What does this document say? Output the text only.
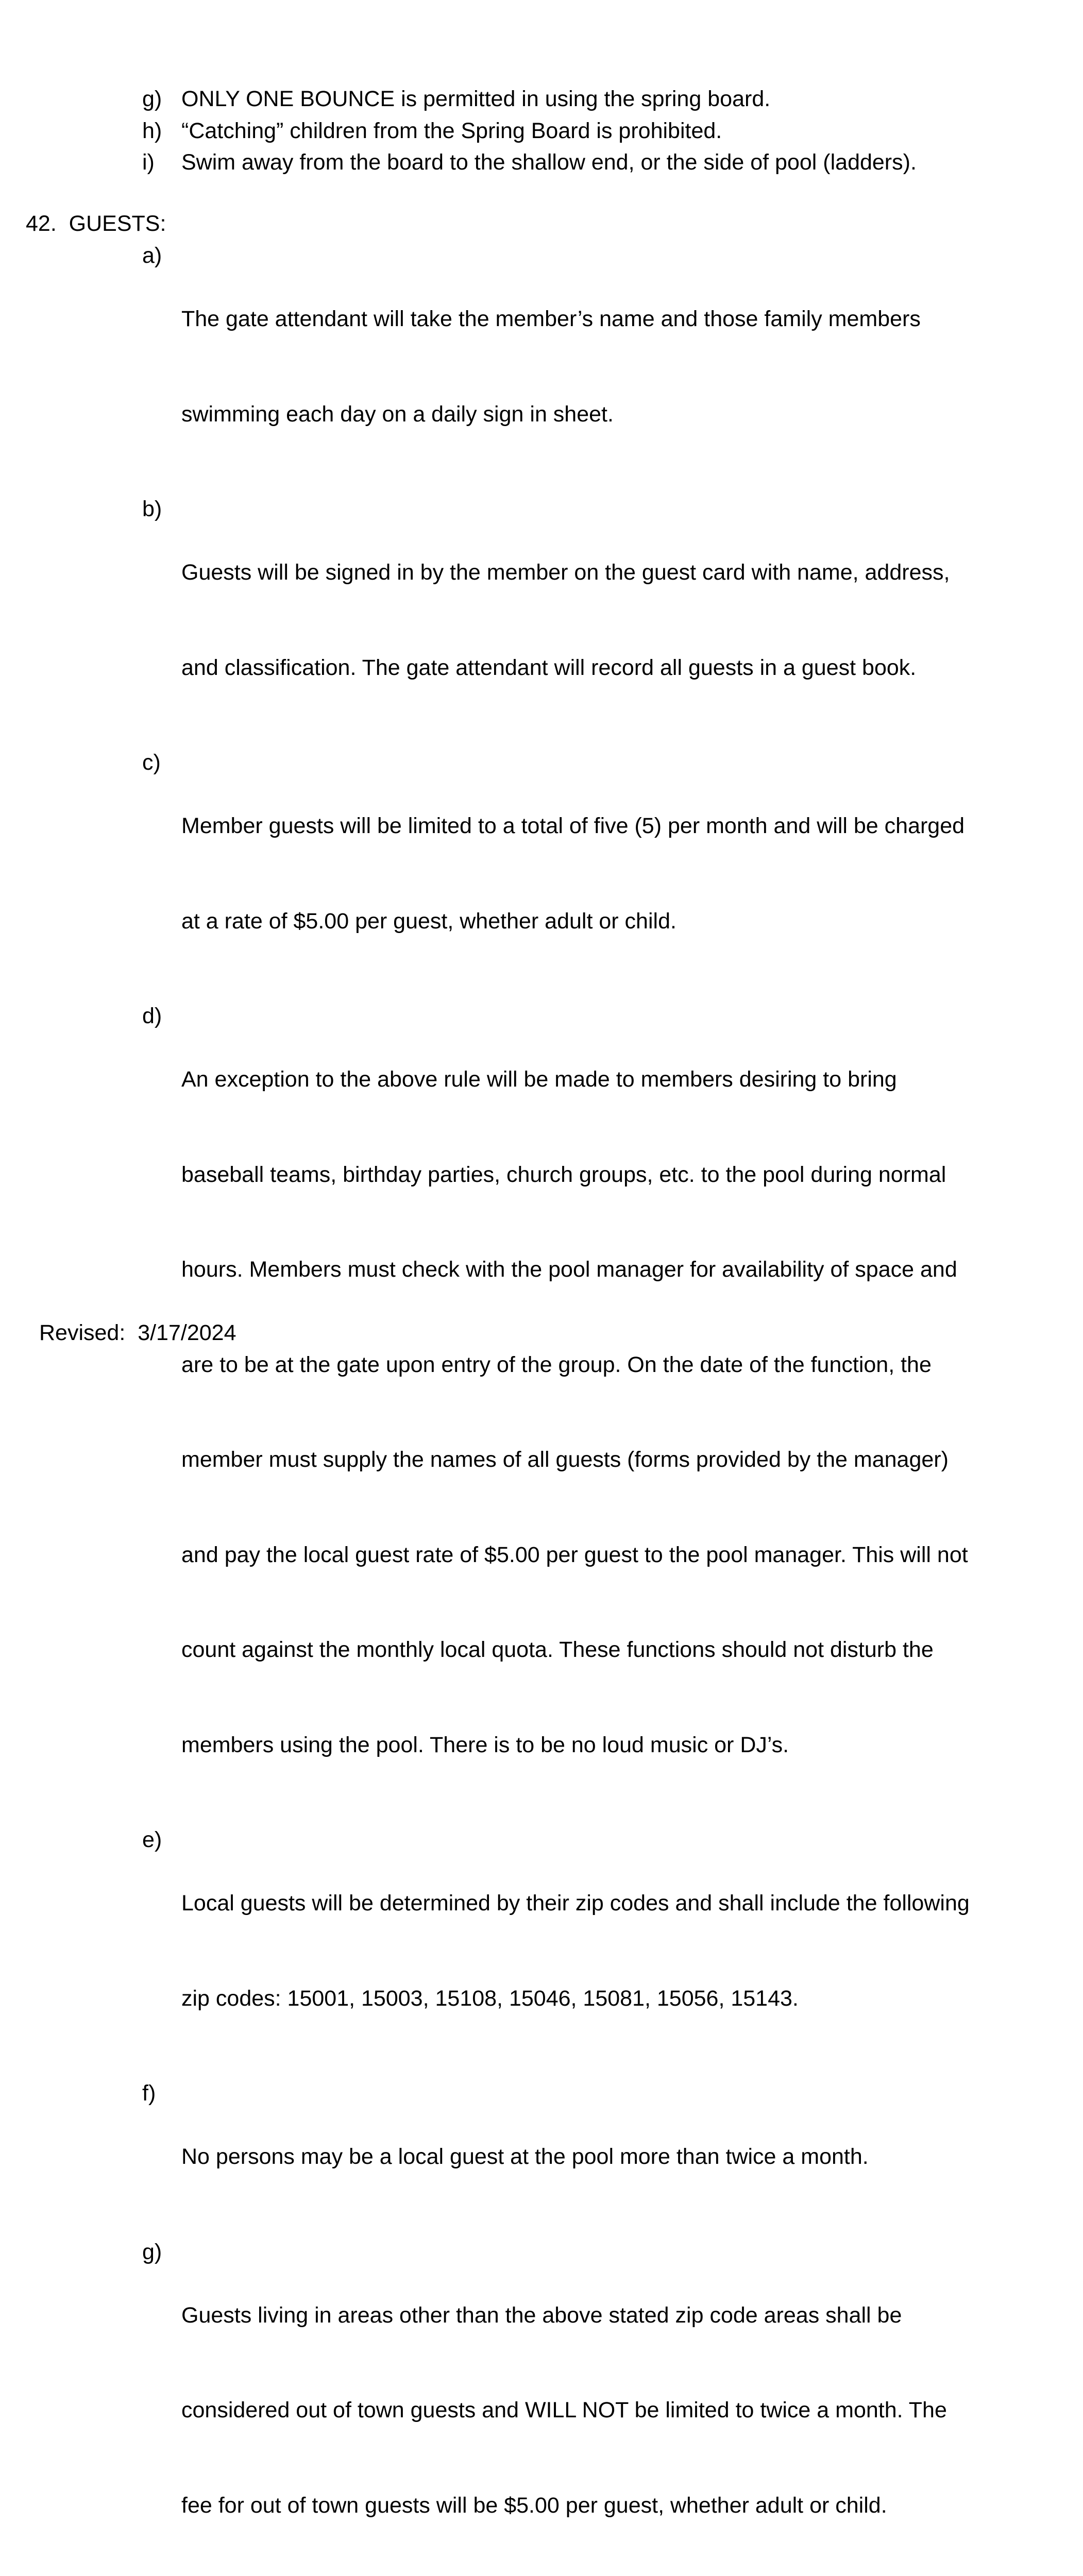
g) ONLY ONE BOUNCE is permitted in using the spring board.
h) “Catching” children from the Spring Board is prohibited.
i) Swim away from the board to the shallow end, or the side of pool (ladders).
42.  GUESTS:
a)

The gate attendant will take the member’s name and those family members

swimming each day on a daily sign in sheet.

b)

Guests will be signed in by the member on the guest card with name, address,

and classification. The gate attendant will record all guests in a guest book.

c)

Member guests will be limited to a total of five (5) per month and will be charged

at a rate of $5.00 per guest, whether adult or child.

d)

An exception to the above rule will be made to members desiring to bring

baseball teams, birthday parties, church groups, etc. to the pool during normal

hours. Members must check with the pool manager for availability of space and

are to be at the gate upon entry of the group. On the date of the function, the

member must supply the names of all guests (forms provided by the manager)

and pay the local guest rate of $5.00 per guest to the pool manager. This will not

count against the monthly local quota. These functions should not disturb the

members using the pool. There is to be no loud music or DJ’s.

e)

Local guests will be determined by their zip codes and shall include the following

zip codes: 15001, 15003, 15108, 15046, 15081, 15056, 15143.

f)

No persons may be a local guest at the pool more than twice a month.

g)

Guests living in areas other than the above stated zip code areas shall be

considered out of town guests and WILL NOT be limited to twice a month. The

fee for out of town guests will be $5.00 per guest, whether adult or child.

Revised:  3/17/2024
